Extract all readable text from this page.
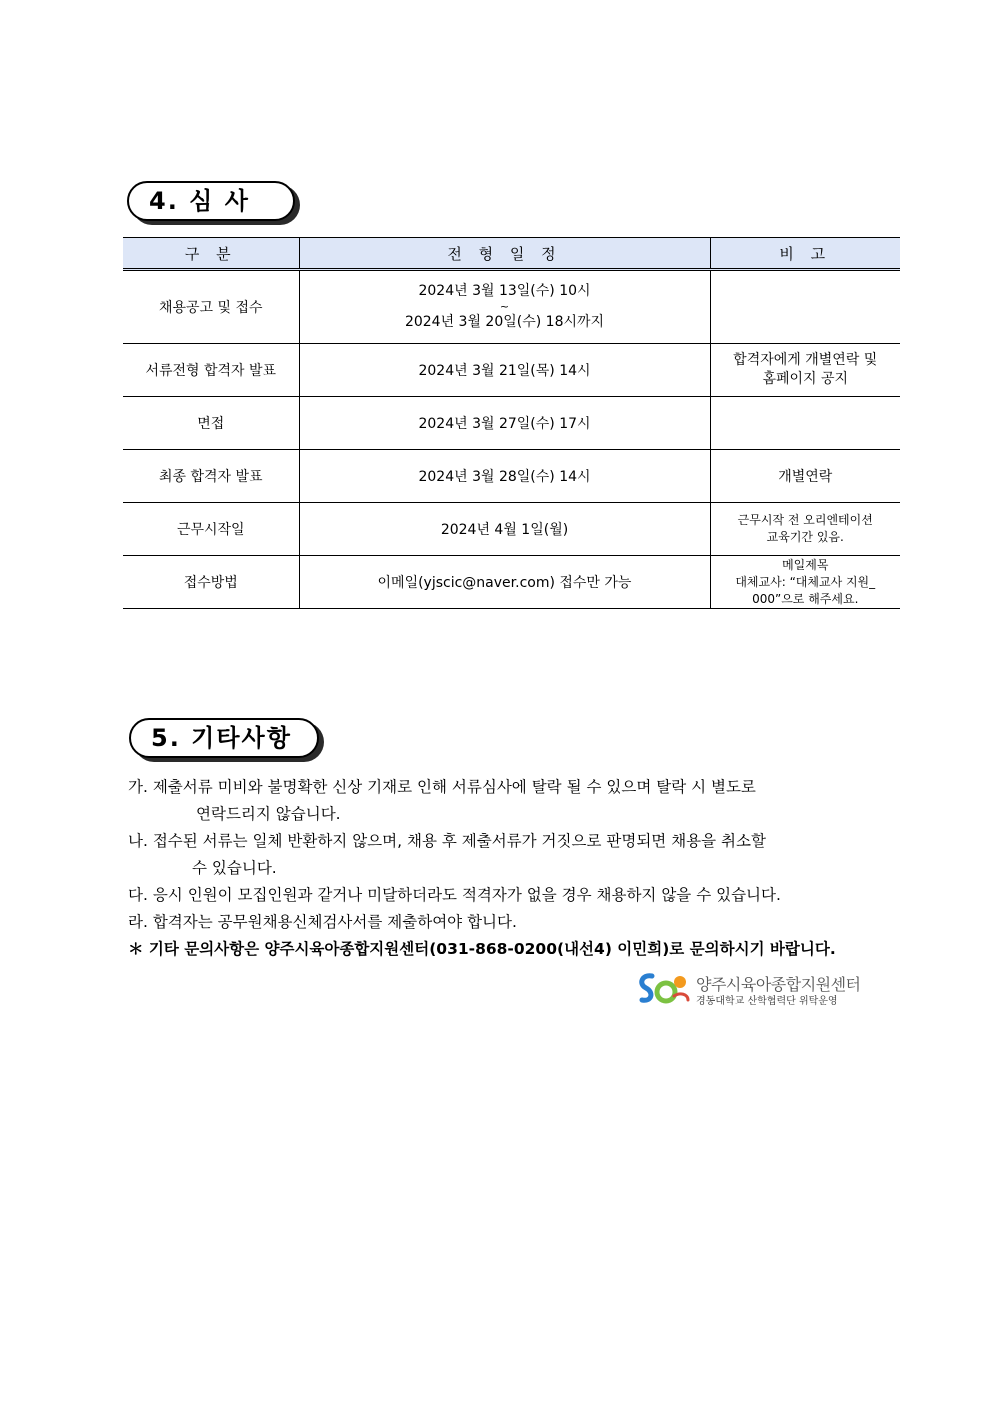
4. 심 사
구 분	전 형 일 정	비 고
채용공고 및 접수	2024년 3월 13일(수) 10시
~
2024년 3월 20일(수) 18시까지	

서류전형 합격자 발표	2024년 3월 21일(목) 14시	합격자에게 개별연락 및
홈페이지 공지

면접	2024년 3월 27일(수) 17시	
최종 합격자 발표	2024년 3월 28일(수) 14시	개별연락
근무시작일	2024년 4월 1일(월)	근무시작 전 오리엔테이션
교육기간 있음.

접수방법	이메일(yjscic@naver.com) 접수만 가능	메일제목
대체교사: “대체교사 지원_
000”으로 해주세요.
5. 기타사항
가. 제출서류 미비와 불명확한 신상 기재로 인해 서류심사에 탈락 될 수 있으며 탈락 시 별도로
연락드리지 않습니다.
나. 접수된 서류는 일체 반환하지 않으며, 채용 후 제출서류가 거짓으로 판명되면 채용을 취소할
수 있습니다.
다. 응시 인원이 모집인원과 같거나 미달하더라도 적격자가 없을 경우 채용하지 않을 수 있습니다.
라. 합격자는 공무원채용신체검사서를 제출하여야 합니다.
＊ 기타 문의사항은 양주시육아종합지원센터(031-868-0200(내선4) 이민희)로 문의하시기 바랍니다.
양주시육아종합지원센터
경동대학교 산학협력단 위탁운영
